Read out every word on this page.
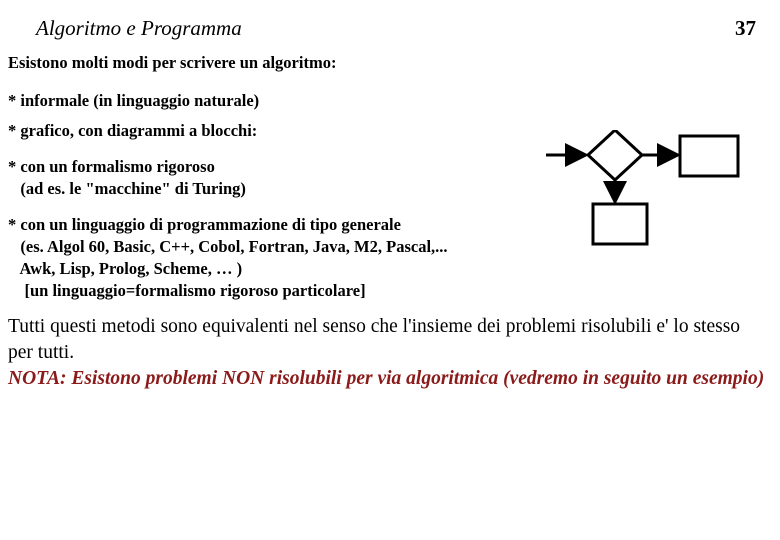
Algoritmo e Programma	37
Esistono molti modi per scrivere un algoritmo:
* informale (in linguaggio naturale)
* grafico, con diagrammi a blocchi:
* con un formalismo rigoroso
(ad es. le "macchine" di Turing)
* con un linguaggio di programmazione di tipo generale
(es. Algol 60, Basic, C++, Cobol, Fortran, Java, M2, Pascal,...
Awk, Lisp, Prolog, Scheme, … )
[un linguaggio=formalismo rigoroso particolare]
Tutti questi metodi sono equivalenti nel senso che l'insieme dei problemi risolubili e' lo stesso per tutti.
NOTA: Esistono problemi NON risolubili per via algoritmica (vedremo in seguito un esempio)
